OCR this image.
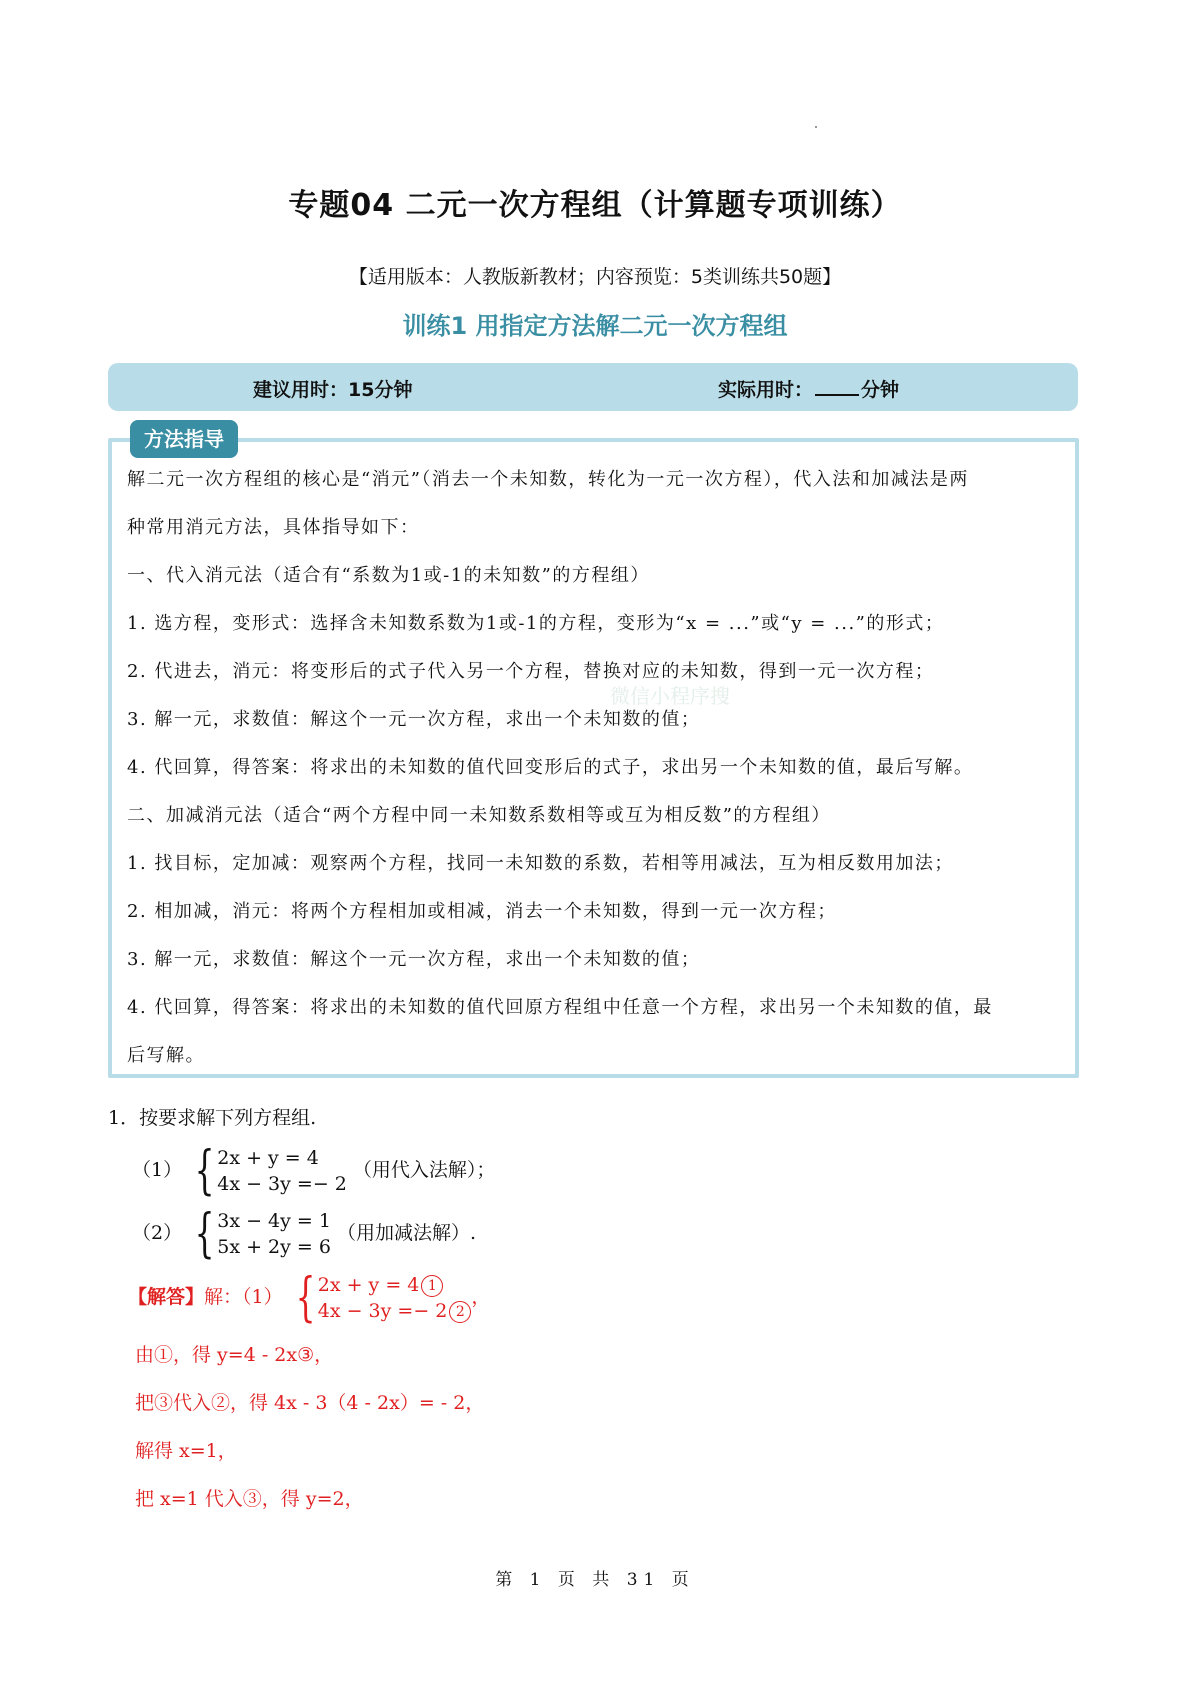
专题04 二元一次方程组（计算题专项训练）
【适用版本：人教版新教材；内容预览：5类训练共50题】
训练1 用指定方法解二元一次方程组
建议用时：15分钟	实际用时：	分钟
方法指导
微信小程序搜
解二元一次方程组的核心是“消元”（消去一个未知数，转化为一元一次方程），代入法和加减法是两
种常用消元方法，具体指导如下：
一、代入消元法（适合有“系数为1或-1的未知数”的方程组）
1. 选方程，变形式：选择含未知数系数为1或-1的方程，变形为“x = ...”或“y = ...”的形式；
2. 代进去，消元：将变形后的式子代入另一个方程，替换对应的未知数，得到一元一次方程；
3. 解一元，求数值：解这个一元一次方程，求出一个未知数的值；
4. 代回算，得答案：将求出的未知数的值代回变形后的式子，求出另一个未知数的值，最后写解。
二、加减消元法（适合“两个方程中同一未知数系数相等或互为相反数”的方程组）
1. 找目标，定加减：观察两个方程，找同一未知数的系数，若相等用减法，互为相反数用加法；
2. 相加减，消元：将两个方程相加或相减，消去一个未知数，得到一元一次方程；
3. 解一元，求数值：解这个一元一次方程，求出一个未知数的值；
4. 代回算，得答案：将求出的未知数的值代回原方程组中任意一个方程，求出另一个未知数的值，最
后写解。
1．按要求解下列方程组.
（1） { 2x + y = 4
4x − 3y =− 2
（用代入法解）；
（2） { 3x − 4y = 1
5x + 2y = 6
（用加减法解）.
【解答】解：（1） { 2x + y = 4 1
4x − 3y =− 2 2
，
由①，得 y=4 - 2x③，
把③代入②，得 4x - 3（4 - 2x）= - 2，
解得 x=1，
把 x=1 代入③，得 y=2，
第 1 页 共 31 页
